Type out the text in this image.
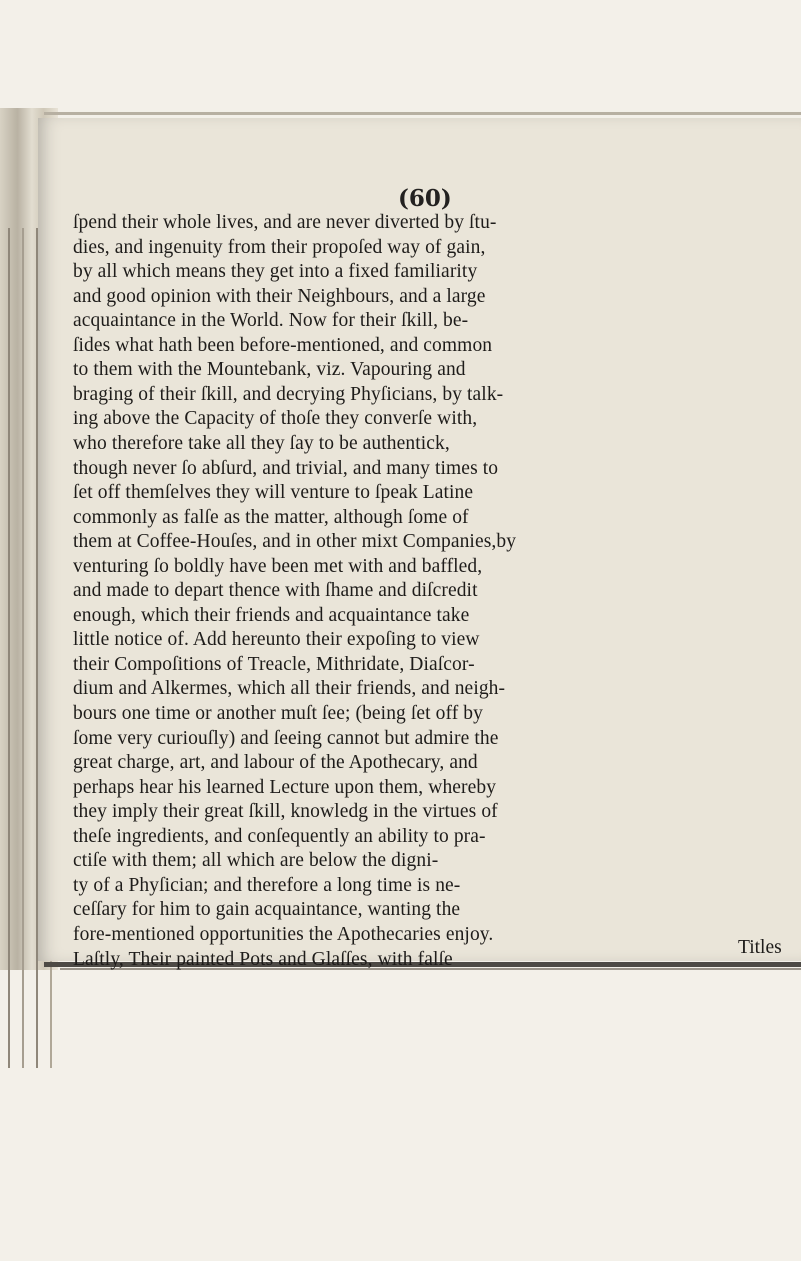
(60)
ſpend their whole lives, and are never diverted by ſtu-
dies, and ingenuity from their propoſed way of gain,
by all which means they get into a fixed familiarity
and good opinion with their Neighbours, and a large
acquaintance in the World. Now for their ſkill, be-
ſides what hath been before-mentioned, and common
to them with the Mountebank, viz. Vapouring and
braging of their ſkill, and decrying Phyſicians, by talk-
ing above the Capacity of thoſe they converſe with,
who therefore take all they ſay to be authentick,
though never ſo abſurd, and trivial, and many times to
ſet off themſelves they will venture to ſpeak Latine
commonly as falſe as the matter, although ſome of
them at Coffee-Houſes, and in other mixt Companies,by
venturing ſo boldly have been met with and baffled,
and made to depart thence with ſhame and diſcredit
enough, which their friends and acquaintance take
little notice of. Add hereunto their expoſing to view
their Compoſitions of Treacle, Mithridate, Diaſcor-
dium and Alkermes, which all their friends, and neigh-
bours one time or another muſt ſee; (being ſet off by
ſome very curiouſly) and ſeeing cannot but admire the
great charge, art, and labour of the Apothecary, and
perhaps hear his learned Lecture upon them, whereby
they imply their great ſkill, knowledg in the virtues of
theſe ingredients, and conſequently an ability to pra-
ctiſe with them; all which are below the digni-
ty of a Phyſician; and therefore a long time is ne-
ceſſary for him to gain acquaintance, wanting the
fore-mentioned opportunities the Apothecaries enjoy.
Laſtly, Their painted Pots and Glaſſes, with falſe
Titles
